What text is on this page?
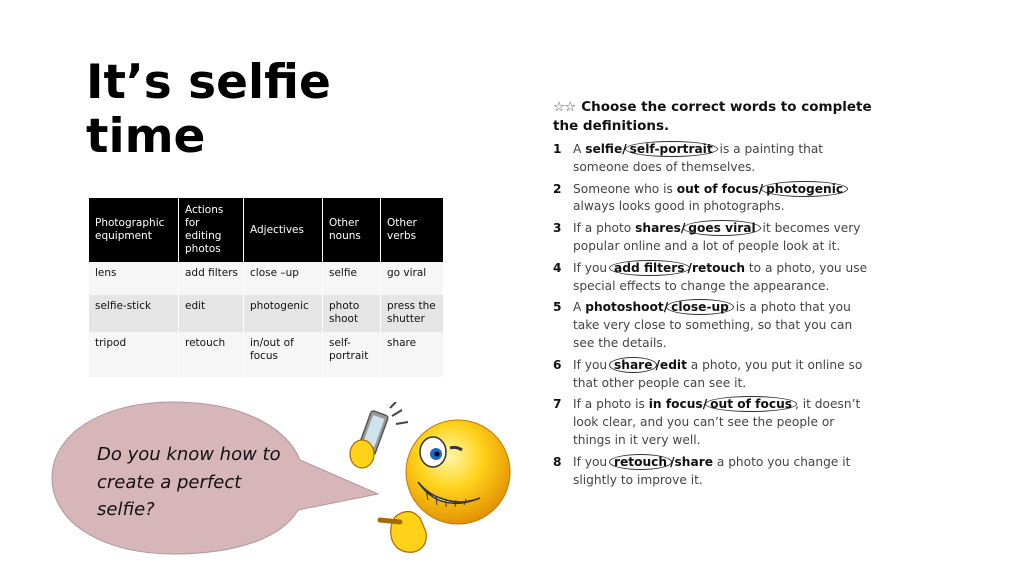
It’s selfie time
Photographic equipment	Actions for editing photos	Adjectives	Other nouns	Other verbs
lens	add filters	close –up	selfie	go viral
selfie-stick	edit	photogenic	photo shoot	press the shutter
tripod	retouch	in/out of focus	self-portrait	share
Do you know how to create a perfect selfie?
☆☆ Choose the correct words to complete the definitions.
1 A selfie/ self-portrait is a painting that someone does of themselves.
2 Someone who is out of focus/ photogenic always looks good in photographs.
3 If a photo shares/ goes viral it becomes very popular online and a lot of people look at it.
4 If you add filters /retouch to a photo, you use special effects to change the appearance.
5 A photoshoot/ close-up is a photo that you take very close to something, so that you can see the details.
6 If you share /edit a photo, you put it online so that other people can see it.
7 If a photo is in focus/ out of focus , it doesn’t look clear, and you can’t see the people or things in it very well.
8 If you retouch /share a photo you change it slightly to improve it.
